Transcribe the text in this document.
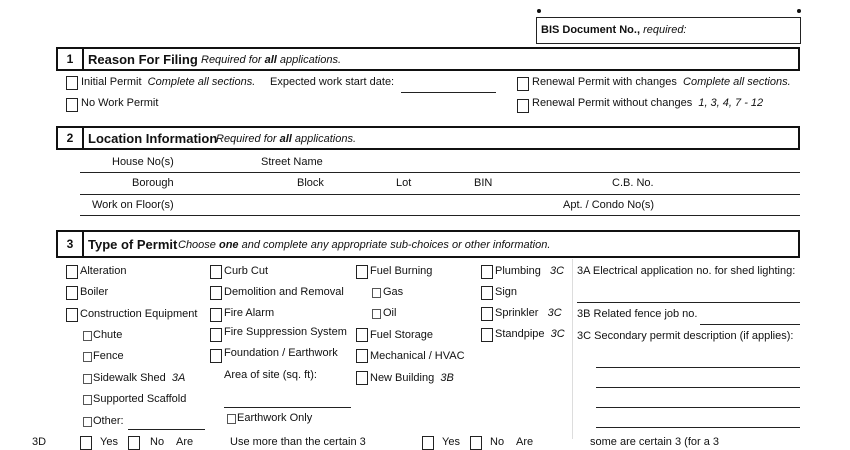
BIS Document No., required:
1	Reason For Filing Required for all applications.
Initial Permit Complete all sections. Expected work start date:
No Work Permit
Renewal Permit with changes Complete all sections.
Renewal Permit without changes 1, 3, 4, 7 - 12
2	Location Information
Required for all applications.
House No(s)	Street Name
Borough	Block	Lot	BIN	C.B. No.
Work on Floor(s)	Apt. / Condo No(s)
3	Type of Permit Choose one and complete any appropriate sub-choices or other information.
Alteration
Boiler
Construction Equipment
Chute
Fence
Sidewalk Shed 3A
Supported Scaffold
Other:
Curb Cut
Demolition and Removal
Fire Alarm
Fire Suppression System
Foundation / Earthwork
Area of site (sq. ft):
Earthwork Only
Fuel Burning
Gas
Oil
Fuel Storage
Mechanical / HVAC
New Building 3B
Plumbing 3C
Sign
Sprinkler 3C
Standpipe 3C
3A Electrical application no. for shed lighting:
3B Related fence job no.
3C Secondary permit description (if applies):
3D	Yes	No Are	Use more than the certain 3	Yes	No Are	some are certain 3 (for a 3
